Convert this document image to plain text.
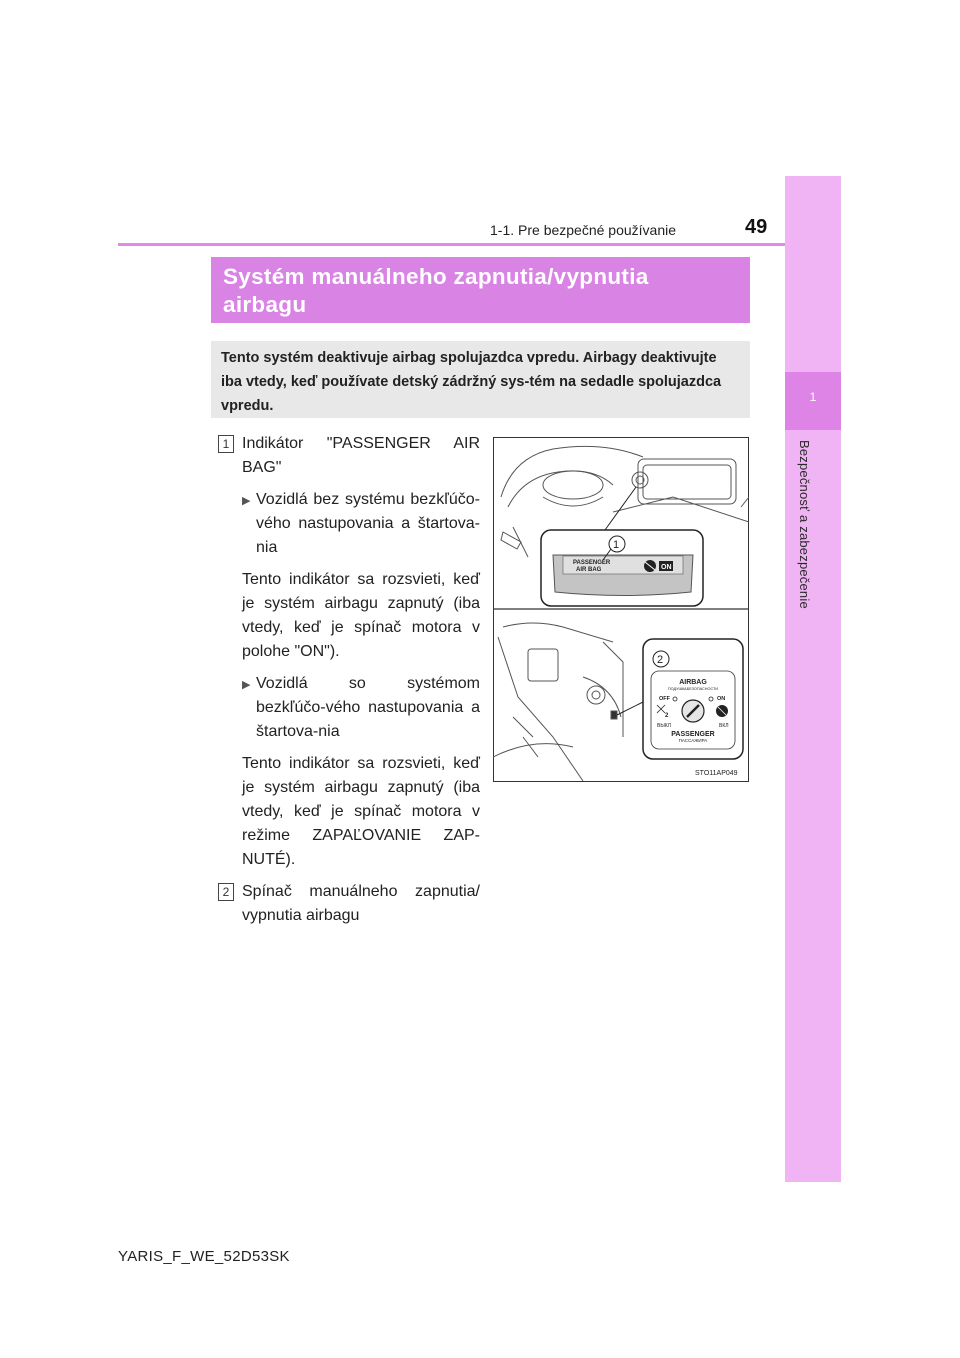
1
Bezpečnosť a zabezpečenie
1-1. Pre bezpečné používanie	49
Systém manuálneho zapnutia/vypnutia airbagu
Tento systém deaktivuje airbag spolujazdca vpredu. Airbagy deaktivujte iba vtedy, keď používate detský zádržný sys-tém na sedadle spolujazdca vpredu.
1 Indikátor "PASSENGER AIR BAG"
▶ Vozidlá bez systému bezkľúčo-vého nastupovania a štartova-nia
Tento indikátor sa rozsvieti, keď je systém airbagu zapnutý (iba vtedy, keď je spínač motora v polohe "ON").
▶ Vozidlá so systémom bezkľúčo-vého nastupovania a štartova-nia
Tento indikátor sa rozsvieti, keď je systém airbagu zapnutý (iba vtedy, keď je spínač motora v režime ZAPAĽOVANIE ZAP-NUTÉ).
2 Spínač manuálneho zapnutia/ vypnutia airbagu
PASSENGER
AIR BAG	ON
1
2
AIRBAG
ПОДУШКАБЕЗОПАСНОСТИ
OFF	ON
2
ВЫКЛ	ВКЛ
PASSENGER
ПАССАЖИРА
STO11AP049
YARIS_F_WE_52D53SK
